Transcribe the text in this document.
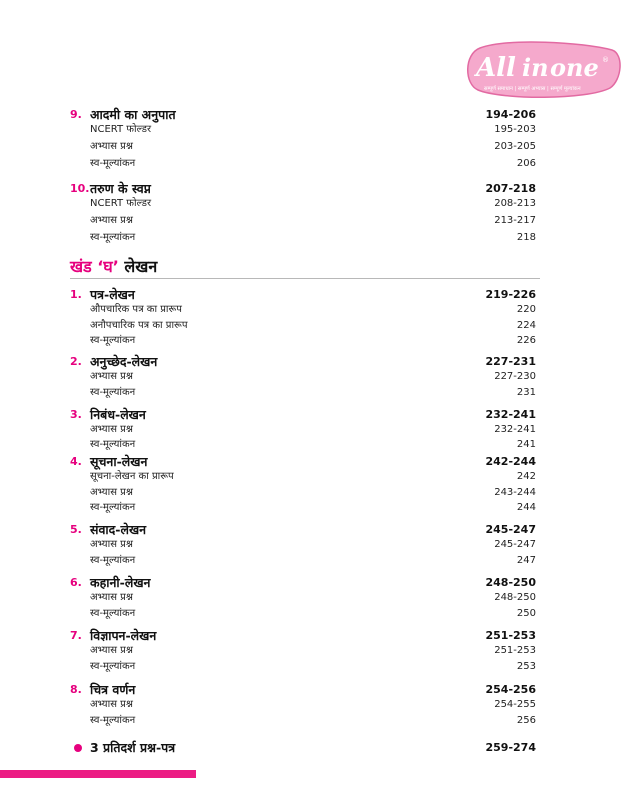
All in one ®
सम्पूर्ण समाधान | सम्पूर्ण अभ्यास | सम्पूर्ण मूल्यांकन
9. आदमी का अनुपात	194-206
NCERT फोल्डर	195-203
अभ्यास प्रश्न	203-205
स्व-मूल्यांकन	206
10. तरुण के स्वप्न	207-218
NCERT फोल्डर	208-213
अभ्यास प्रश्न	213-217
स्व-मूल्यांकन	218
खंड ‘घ’ लेखन
1. पत्र-लेखन	219-226
औपचारिक पत्र का प्रारूप	220
अनौपचारिक पत्र का प्रारूप	224
स्व-मूल्यांकन	226
2. अनुच्छेद-लेखन	227-231
अभ्यास प्रश्न	227-230
स्व-मूल्यांकन	231
3. निबंध-लेखन	232-241
अभ्यास प्रश्न	232-241
स्व-मूल्यांकन	241
4. सूचना-लेखन	242-244
सूचना-लेखन का प्रारूप	242
अभ्यास प्रश्न	243-244
स्व-मूल्यांकन	244
5. संवाद-लेखन	245-247
अभ्यास प्रश्न	245-247
स्व-मूल्यांकन	247
6. कहानी-लेखन	248-250
अभ्यास प्रश्न	248-250
स्व-मूल्यांकन	250
7. विज्ञापन-लेखन	251-253
अभ्यास प्रश्न	251-253
स्व-मूल्यांकन	253
8. चित्र वर्णन	254-256
अभ्यास प्रश्न	254-255
स्व-मूल्यांकन	256
3 प्रतिदर्श प्रश्न-पत्र	259-274
